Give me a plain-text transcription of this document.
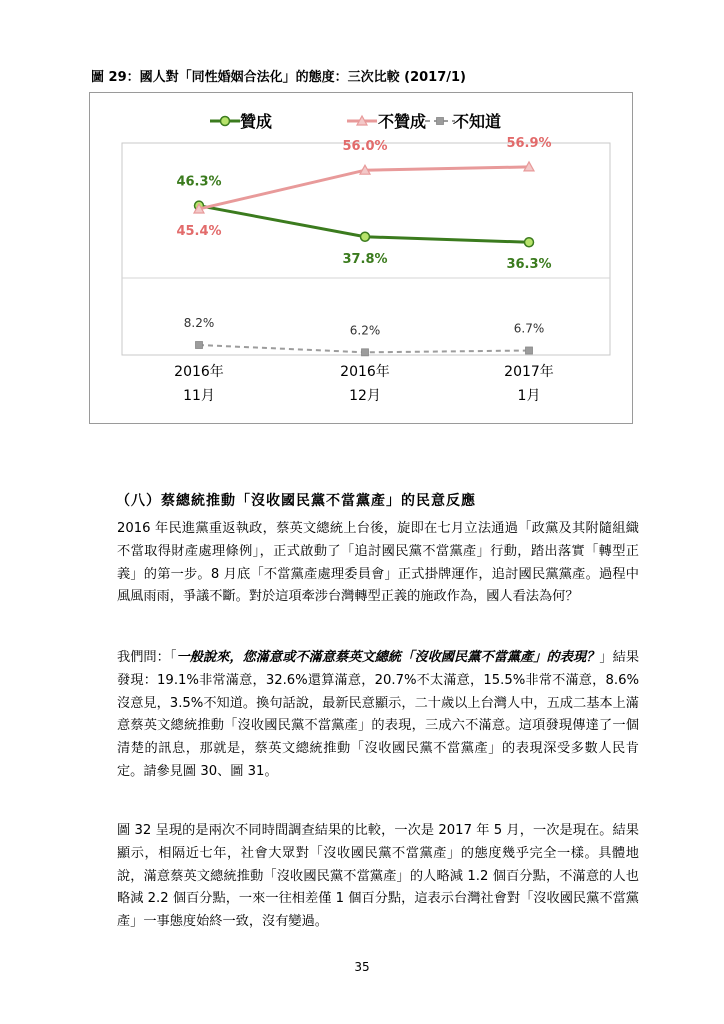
圖 29：國人對「同性婚姻合法化」的態度：三次比較 (2017/1)
贊成	不贊成 不知道
46.3%
37.8%	36.3%
45.4%
56.0%	56.9%
8.2%
6.2%	6.7%
2016年
11月
2016年
12月
2017年
1月
（八）蔡總統推動「沒收國民黨不當黨產」的民意反應

2016 年民進黨重返執政，蔡英文總統上台後，旋即在七月立法通過「政黨及其附隨組織不當取得財產處理條例」，正式啟動了「追討國民黨不當黨產」行動，踏出落實「轉型正義」的第一步。8 月底「不當黨產處理委員會」正式掛牌運作，追討國民黨黨產。過程中風風雨雨，爭議不斷。對於這項牽涉台灣轉型正義的施政作為，國人看法為何？

我們問：「一般說來，您滿意或不滿意蔡英文總統「沒收國民黨不當黨產」的表現？」結果發現：19.1%非常滿意，32.6%還算滿意，20.7%不太滿意，15.5%非常不滿意，8.6%沒意見，3.5%不知道。換句話說，最新民意顯示，二十歲以上台灣人中，五成二基本上滿意蔡英文總統推動「沒收國民黨不當黨產」的表現，三成六不滿意。這項發現傳達了一個清楚的訊息，那就是，蔡英文總統推動「沒收國民黨不當黨產」的表現深受多數人民肯定。請參見圖 30、圖 31。

圖 32 呈現的是兩次不同時間調查結果的比較，一次是 2017 年 5 月，一次是現在。結果顯示，相隔近七年，社會大眾對「沒收國民黨不當黨產」的態度幾乎完全一樣。具體地說，滿意蔡英文總統推動「沒收國民黨不當黨產」的人略減 1.2 個百分點，不滿意的人也略減 2.2 個百分點，一來一往相差僅 1 個百分點，這表示台灣社會對「沒收國民黨不當黨產」一事態度始終一致，沒有變過。

35
